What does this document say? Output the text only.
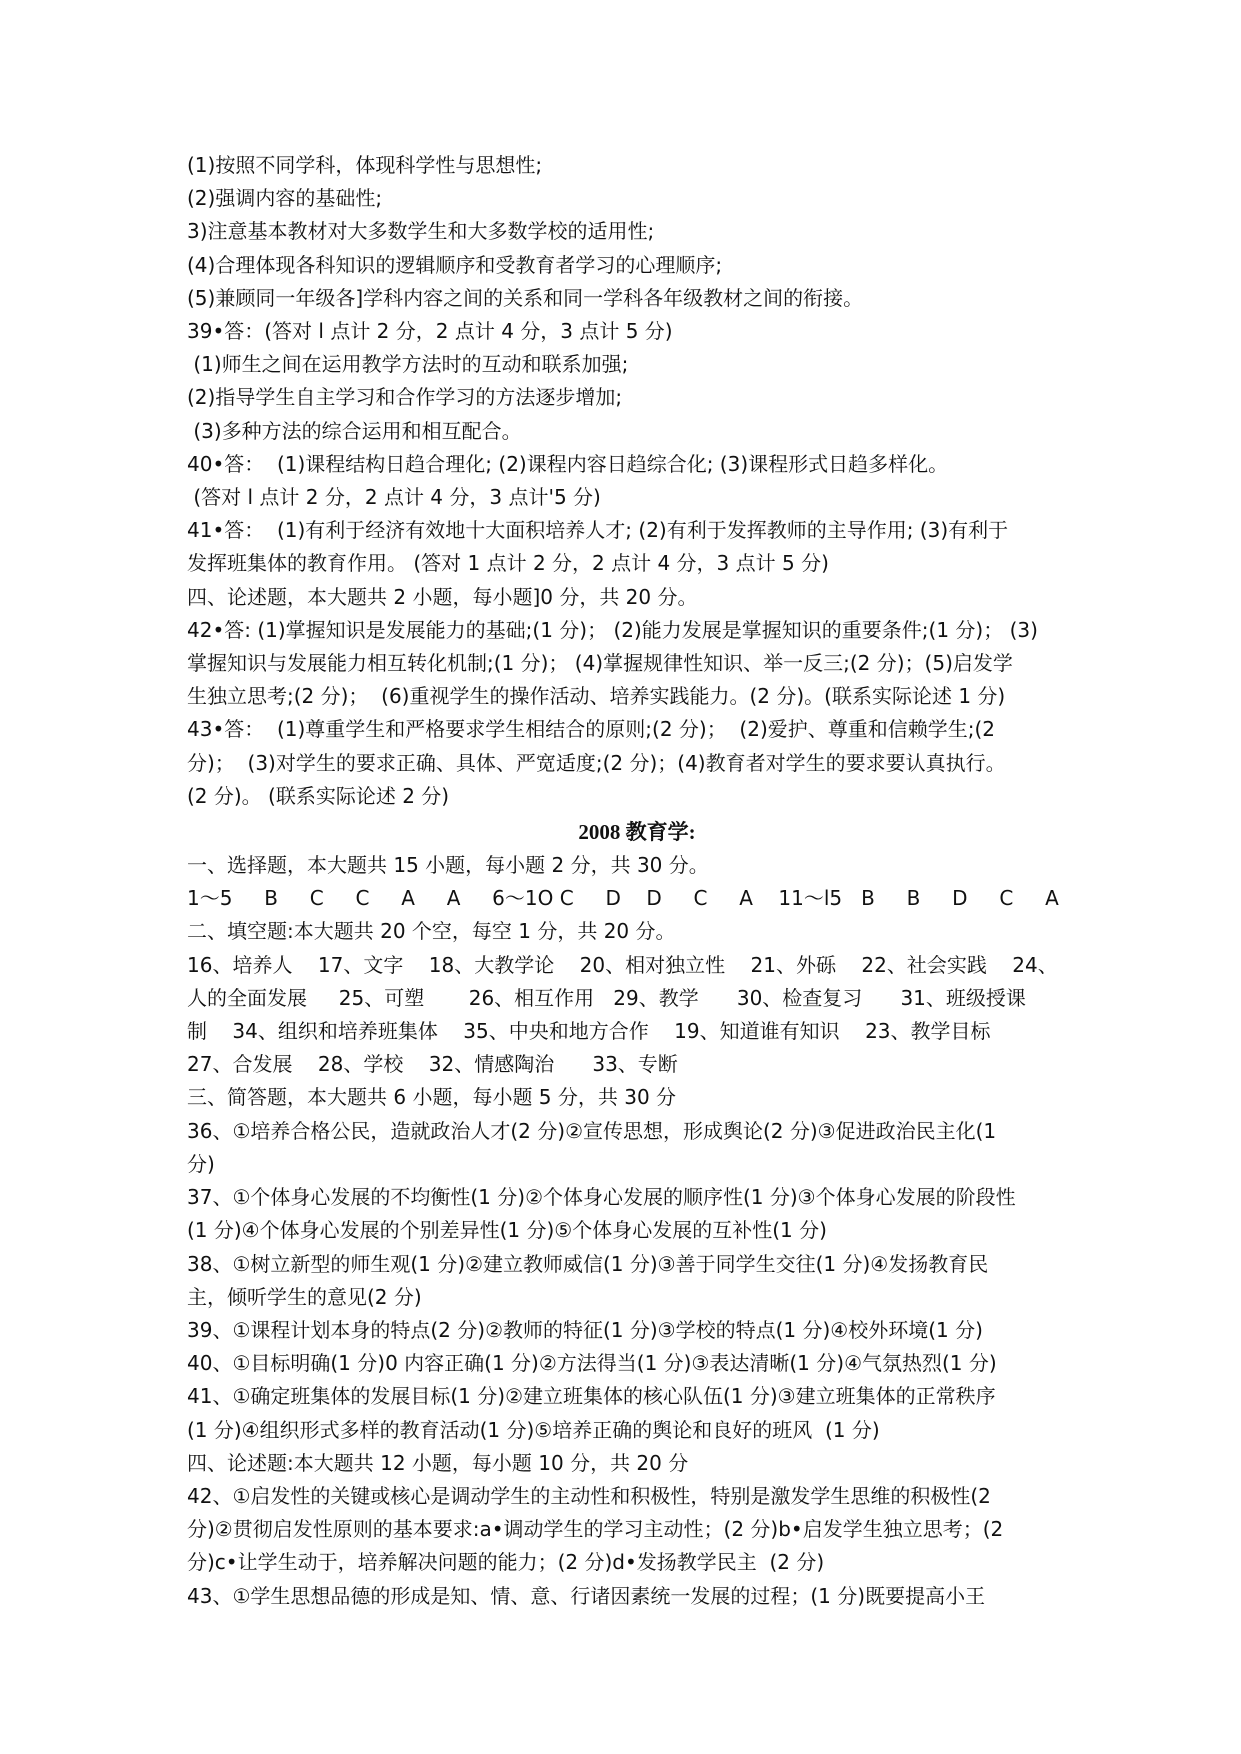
(1)按照不同学科，体现科学性与思想性;

(2)强调内容的基础性;

3)注意基本教材对大多数学生和大多数学校的适用性;

(4)合理体现各科知识的逻辑顺序和受教育者学习的心理顺序;

(5)兼顾同一年级各]学科内容之间的关系和同一学科各年级教材之间的衔接。

39•答：(答对 l 点计 2 分，2 点计 4 分，3 点计 5 分)

(1)师生之间在运用教学方法时的互动和联系加强;

(2)指导学生自主学习和合作学习的方法逐步增加;

(3)多种方法的综合运用和相互配合。

40•答：  (1)课程结构日趋合理化; (2)课程内容日趋综合化; (3)课程形式日趋多样化。

(答对 l 点计 2 分，2 点计 4 分，3 点计'5 分)

41•答：  (1)有利于经济有效地十大面积培养人才; (2)有利于发挥教师的主导作用; (3)有利于

发挥班集体的教育作用。 (答对 1 点计 2 分，2 点计 4 分，3 点计 5 分)

四、论述题，本大题共 2 小题，每小题]0 分，共 20 分。

42•答: (1)掌握知识是发展能力的基础;(1 分)； (2)能力发展是掌握知识的重要条件;(1 分)； (3)

掌握知识与发展能力相互转化机制;(1 分)； (4)掌握规律性知识、举一反三;(2 分)；(5)启发学

生独立思考;(2 分)；  (6)重视学生的操作活动、培养实践能力。(2 分)。(联系实际论述 1 分)

43•答：  (1)尊重学生和严格要求学生相结合的原则;(2 分)；  (2)爱护、尊重和信赖学生;(2

分)；  (3)对学生的要求正确、具体、严宽适度;(2 分)；(4)教育者对学生的要求要认真执行。

(2 分)。 (联系实际论述 2 分)

2008 教育学:

一、选择题，本大题共 15 小题，每小题 2 分，共 30 分。

1～5     B     C     C     A     A     6～1O C     D    D     C     A    11～l5   B     B     D     C     A

二、填空题:本大题共 20 个空，每空 1 分，共 20 分。

16、培养人    17、文字    18、大教学论    20、相对独立性    21、外砾    22、社会实践    24、

人的全面发展     25、可塑       26、相互作用   29、教学      30、检查复习      31、班级授课

制    34、组织和培养班集体    35、中央和地方合作    19、知道谁有知识    23、教学目标

27、合发展    28、学校    32、情感陶治      33、专断

三、简答题，本大题共 6 小题，每小题 5 分，共 30 分

36、①培养合格公民，造就政治人才(2 分)②宣传思想，形成舆论(2 分)③促进政治民主化(1

分)

37、①个体身心发展的不均衡性(1 分)②个体身心发展的顺序性(1 分)③个体身心发展的阶段性

(1 分)④个体身心发展的个别差异性(1 分)⑤个体身心发展的互补性(1 分)

38、①树立新型的师生观(1 分)②建立教师威信(1 分)③善于同学生交往(1 分)④发扬教育民

主，倾听学生的意见(2 分)

39、①课程计划本身的特点(2 分)②教师的特征(1 分)③学校的特点(1 分)④校外环境(1 分)

40、①目标明确(1 分)0 内容正确(1 分)②方法得当(1 分)③表达清晰(1 分)④气氛热烈(1 分)

41、①确定班集体的发展目标(1 分)②建立班集体的核心队伍(1 分)③建立班集体的正常秩序

(1 分)④组织形式多样的教育活动(1 分)⑤培养正确的舆论和良好的班风  (1 分)

四、论述题:本大题共 12 小题，每小题 10 分，共 20 分

42、①启发性的关键或核心是调动学生的主动性和积极性，特别是激发学生思维的积极性(2

分)②贯彻启发性原则的基本要求:a•调动学生的学习主动性；(2 分)b•启发学生独立思考；(2

分)c•让学生动于，培养解决问题的能力；(2 分)d•发扬教学民主  (2 分)

43、①学生思想品德的形成是知、情、意、行诸因素统一发展的过程；(1 分)既要提高小王
